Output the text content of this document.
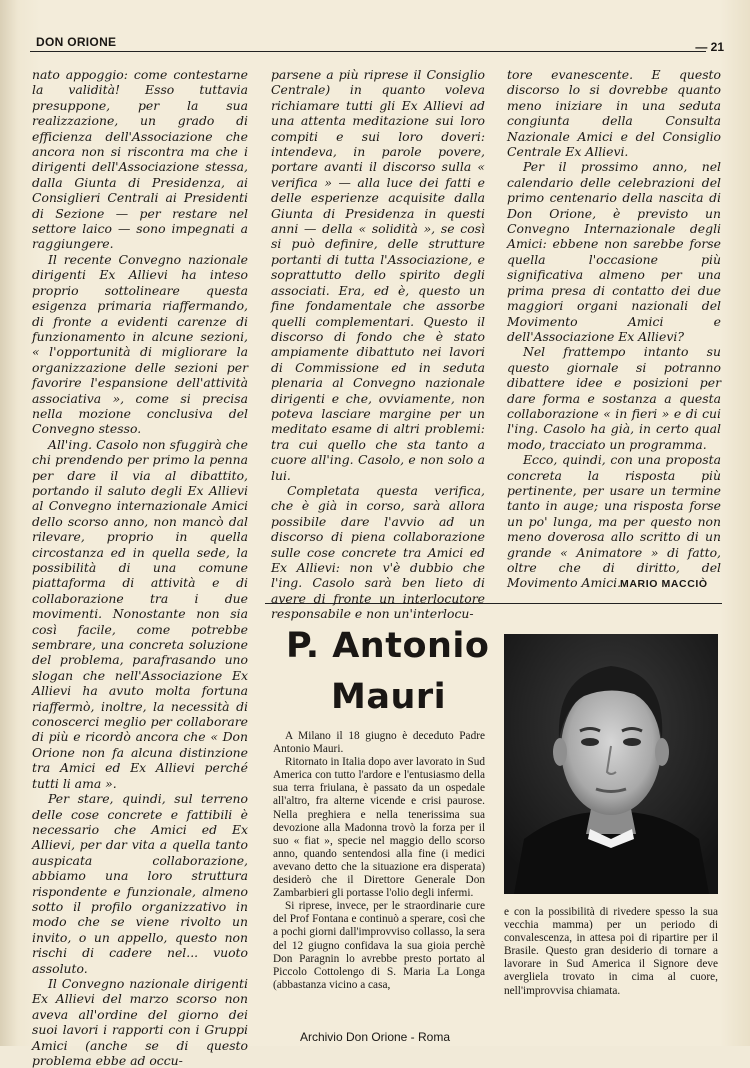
DON ORIONE	— 21

nato appoggio: come contestarne la validità! Esso tuttavia presuppone, per la sua realizzazione, un grado di efficienza dell'Associazione che ancora non si riscontra ma che i dirigenti dell'Associazione stessa, dalla Giunta di Presidenza, ai Consiglieri Centrali ai Presidenti di Sezione — per restare nel settore laico — sono impegnati a raggiungere.

Il recente Convegno nazionale dirigenti Ex Allievi ha inteso proprio sottolineare questa esigenza primaria riaffermando, di fronte a evidenti carenze di funzionamento in alcune sezioni, « l'opportunità di migliorare la organizzazione delle sezioni per favorire l'espansione dell'attività associativa », come si precisa nella mozione conclusiva del Convegno stesso.

All'ing. Casolo non sfuggirà che chi prendendo per primo la penna per dare il via al dibattito, portando il saluto degli Ex Allievi al Convegno internazionale Amici dello scorso anno, non mancò dal rilevare, proprio in quella circostanza ed in quella sede, la possibilità di una comune piattaforma di attività e di collaborazione tra i due movimenti. Nonostante non sia così facile, come potrebbe sembrare, una concreta soluzione del problema, parafrasando uno slogan che nell'Associazione Ex Allievi ha avuto molta fortuna riaffermò, inoltre, la necessità di conoscerci meglio per collaborare di più e ricordò ancora che « Don Orione non fa alcuna distinzione tra Amici ed Ex Allievi perché tutti li ama ».

Per stare, quindi, sul terreno delle cose concrete e fattibili è necessario che Amici ed Ex Allievi, per dar vita a quella tanto auspicata collaborazione, abbiamo una loro struttura rispondente e funzionale, almeno sotto il profilo organizzativo in modo che se viene rivolto un invito, o un appello, questo non rischi di cadere nel... vuoto assoluto.

Il Convegno nazionale dirigenti Ex Allievi del marzo scorso non aveva all'ordine del giorno dei suoi lavori i rapporti con i Gruppi Amici (anche se di questo problema ebbe ad occu-

parsene a più riprese il Consiglio Centrale) in quanto voleva richiamare tutti gli Ex Allievi ad una attenta meditazione sui loro compiti e sui loro doveri: intendeva, in parole povere, portare avanti il discorso sulla « verifica » — alla luce dei fatti e delle esperienze acquisite dalla Giunta di Presidenza in questi anni — della « solidità », se così si può definire, delle strutture portanti di tutta l'Associazione, e soprattutto dello spirito degli associati. Era, ed è, questo un fine fondamentale che assorbe quelli complementari. Questo il discorso di fondo che è stato ampiamente dibattuto nei lavori di Commissione ed in seduta plenaria al Convegno nazionale dirigenti e che, ovviamente, non poteva lasciare margine per un meditato esame di altri problemi: tra cui quello che sta tanto a cuore all'ing. Casolo, e non solo a lui.

Completata questa verifica, che è già in corso, sarà allora possibile dare l'avvio ad un discorso di piena collaborazione sulle cose concrete tra Amici ed Ex Allievi: non v'è dubbio che l'ing. Casolo sarà ben lieto di avere di fronte un interlocutore responsabile e non un'interlocu-

tore evanescente. E questo discorso lo si dovrebbe quanto meno iniziare in una seduta congiunta della Consulta Nazionale Amici e del Consiglio Centrale Ex Allievi.

Per il prossimo anno, nel calendario delle celebrazioni del primo centenario della nascita di Don Orione, è previsto un Convegno Internazionale degli Amici: ebbene non sarebbe forse quella l'occasione più significativa almeno per una prima presa di contatto dei due maggiori organi nazionali del Movimento Amici e dell'Associazione Ex Allievi?

Nel frattempo intanto su questo giornale si potranno dibattere idee e posizioni per dare forma e sostanza a questa collaborazione « in fieri » e di cui l'ing. Casolo ha già, in certo qual modo, tracciato un programma.

Ecco, quindi, con una proposta concreta la risposta più pertinente, per usare un termine tanto in auge; una risposta forse un po' lunga, ma per questo non meno doverosa allo scritto di un grande « Animatore » di fatto, oltre che di diritto, del Movimento Amici.

MARIO MACCIÒ
P. Antonio
Mauri

A Milano il 18 giugno è deceduto Padre Antonio Mauri.

Ritornato in Italia dopo aver lavorato in Sud America con tutto l'ardore e l'entusiasmo della sua terra friulana, è passato da un ospedale all'altro, fra alterne vicende e crisi paurose. Nella preghiera e nella tenerissima sua devozione alla Madonna trovò la forza per il suo « fiat », specie nel maggio dello scorso anno, quando sentendosi alla fine (i medici avevano detto che la situazione era disperata) desiderò che il Direttore Generale Don Zambarbieri gli portasse l'olio degli infermi.

Si riprese, invece, per le straordinarie cure del Prof Fontana e continuò a sperare, così che a pochi giorni dall'improvviso collasso, la sera del 12 giugno confidava la sua gioia perchè Don Paragnin lo avrebbe presto portato al Piccolo Cottolengo di S. Maria La Longa (abbastanza vicino a casa,

e con la possibilità di rivedere spesso la sua vecchia mamma) per un periodo di convalescenza, in attesa poi di ripartire per il Brasile. Questo gran desiderio di tornare a lavorare in Sud America il Signore deve avergliela trovato in cima al cuore, nell'improvvisa chiamata.

Archivio Don Orione - Roma
